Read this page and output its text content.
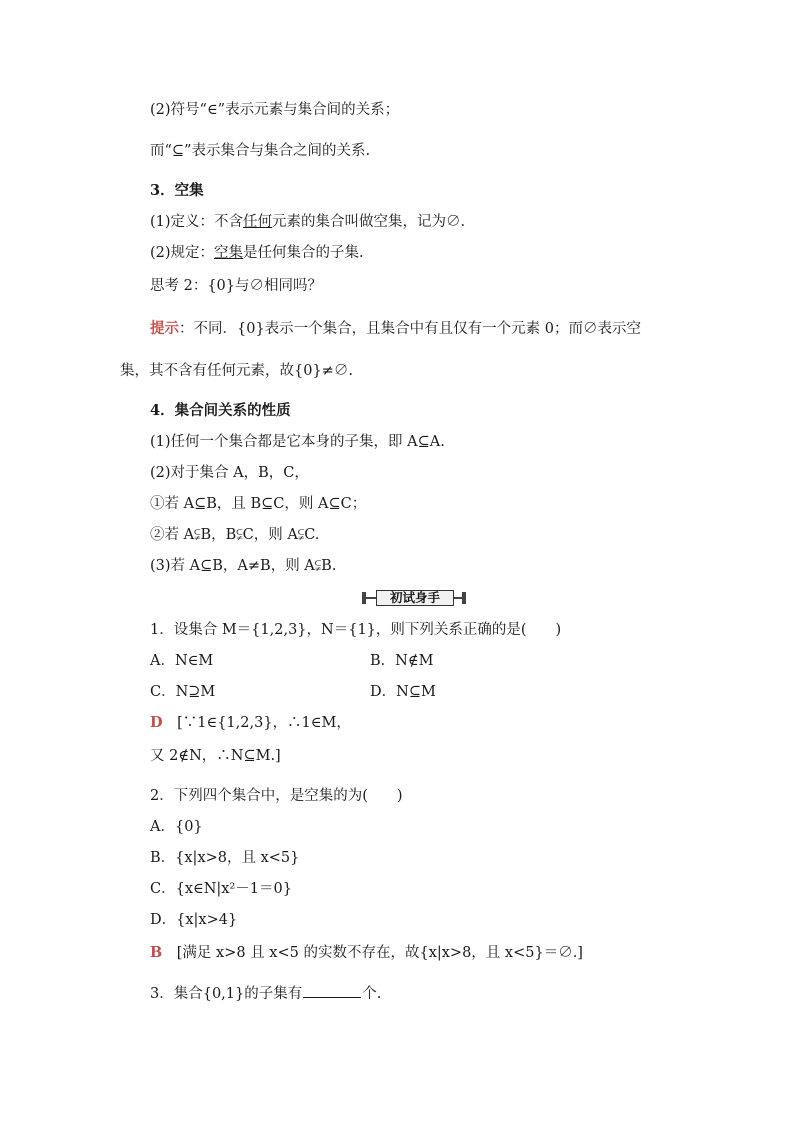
(2)符号“∈”表示元素与集合间的关系；
而“⊆”表示集合与集合之间的关系.
3．空集
(1)定义：不含任何元素的集合叫做空集，记为∅.
(2)规定：空集是任何集合的子集.
思考 2：{0}与∅相同吗？
提示：不同．{0}表示一个集合，且集合中有且仅有一个元素 0；而∅表示空
集，其不含有任何元素，故{0}≠∅.
4．集合间关系的性质
(1)任何一个集合都是它本身的子集，即 A⊆A.
(2)对于集合 A，B，C，
①若 A⊆B，且 B⊆C，则 A⊆C；
②若 A⫋B，B⫋C，则 A⫋C.
(3)若 A⊆B，A≠B，则 A⫋B.
初试身手
1．设集合 M＝{1,2,3}，N＝{1}，则下列关系正确的是(　　)
A．N∈M	B．N∉M
C．N⊇M	D．N⊆M
D　 [∵1∈{1,2,3}，∴1∈M，
又 2∉N，∴N⊆M.]
2．下列四个集合中，是空集的为(　　)
A．{0}
B．{x|x>8，且 x<5}
C．{x∈N|x²－1＝0}
D．{x|x>4}
B　 [满足 x>8 且 x<5 的实数不存在，故{x|x>8，且 x<5}＝∅.]
3．集合{0,1}的子集有	个.
